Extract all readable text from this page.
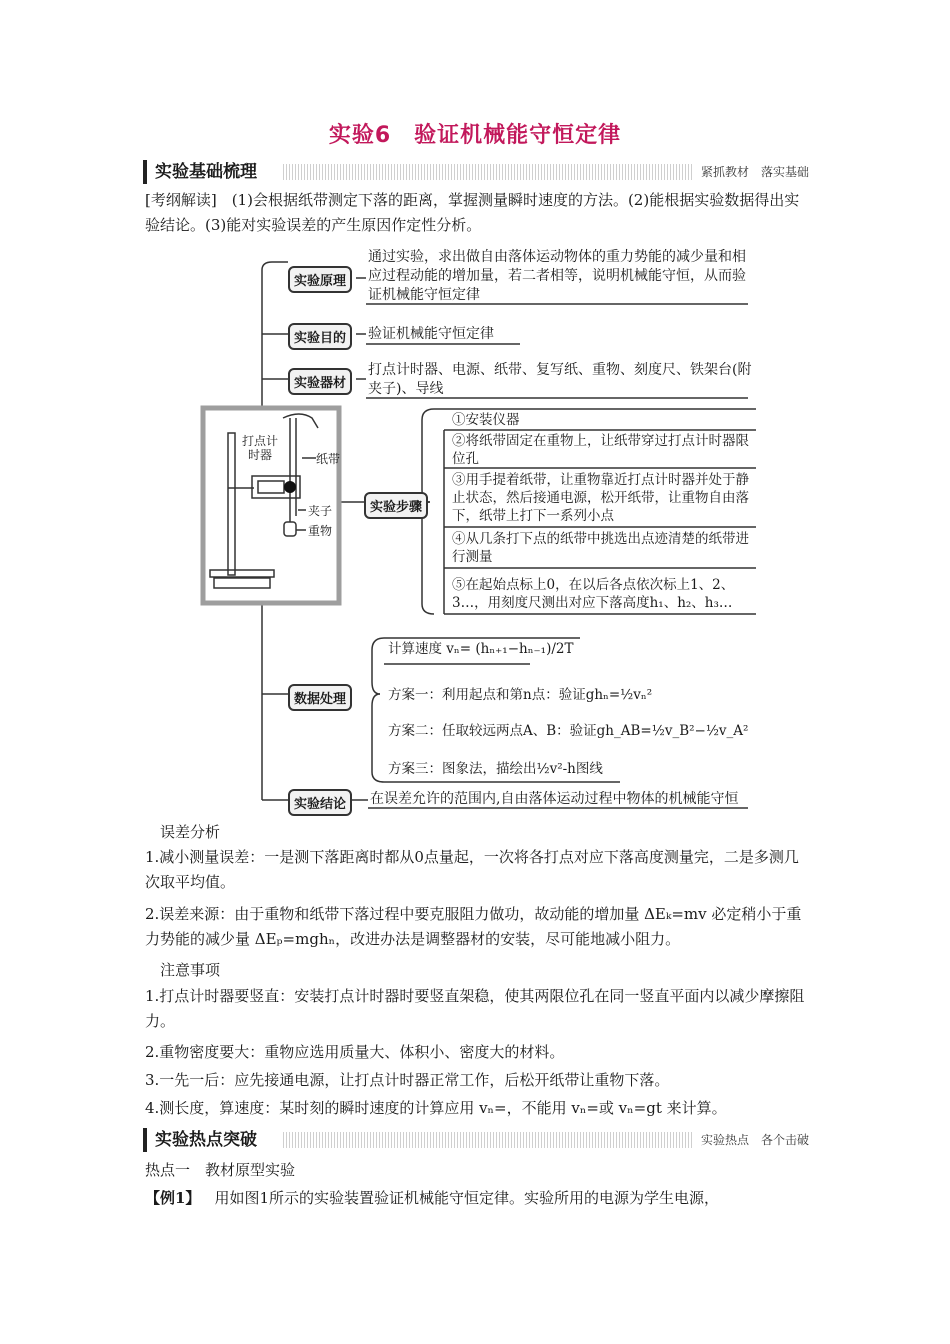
实验6　验证机械能守恒定律
实验基础梳理	紧抓教材　落实基础
[考纲解读]　(1)会根据纸带测定下落的距离，掌握测量瞬时速度的方法。(2)能根据实验数据得出实验结论。(3)能对实验误差的产生原因作定性分析。
实验原理
通过实验，求出做自由落体运动物体的重力势能的减少量和相应过程动能的增加量，若二者相等，说明机械能守恒，从而验证机械能守恒定律
实验目的	验证机械能守恒定律
实验器材
打点计时器、电源、纸带、复写纸、重物、刻度尺、铁架台(附夹子)、导线
打点计时器	纸带
夹子
重物
实验步骤
①安装仪器
②将纸带固定在重物上，让纸带穿过打点计时器限位孔
③用手提着纸带，让重物靠近打点计时器并处于静止状态，然后接通电源，松开纸带，让重物自由落下，纸带上打下一系列小点
④从几条打下点的纸带中挑选出点迹清楚的纸带进行测量
⑤在起始点标上0，在以后各点依次标上1、2、3…，用刻度尺测出对应下落高度h₁、h₂、h₃…
数据处理
计算速度 vₙ= (hₙ₊₁−hₙ₋₁)/2T
方案一：利用起点和第n点：验证ghₙ=½vₙ²
方案二：任取较远两点A、B：验证gh_AB=½v_B²−½v_A²
方案三：图象法，描绘出½v²-h图线
实验结论	在误差允许的范围内,自由落体运动过程中物体的机械能守恒
误差分析
1.减小测量误差：一是测下落距离时都从0点量起，一次将各打点对应下落高度测量完，二是多测几次取平均值。
2.误差来源：由于重物和纸带下落过程中要克服阻力做功，故动能的增加量 ΔEₖ=mv 必定稍小于重力势能的减少量 ΔEₚ=mghₙ，改进办法是调整器材的安装，尽可能地减小阻力。
注意事项
1.打点计时器要竖直：安装打点计时器时要竖直架稳，使其两限位孔在同一竖直平面内以减少摩擦阻力。
2.重物密度要大：重物应选用质量大、体积小、密度大的材料。
3.一先一后：应先接通电源，让打点计时器正常工作，后松开纸带让重物下落。
4.测长度，算速度：某时刻的瞬时速度的计算应用 vₙ=，不能用 vₙ=或 vₙ=gt 来计算。
实验热点突破	实验热点　各个击破
热点一　教材原型实验
【例1】 用如图1所示的实验装置验证机械能守恒定律。实验所用的电源为学生电源，
